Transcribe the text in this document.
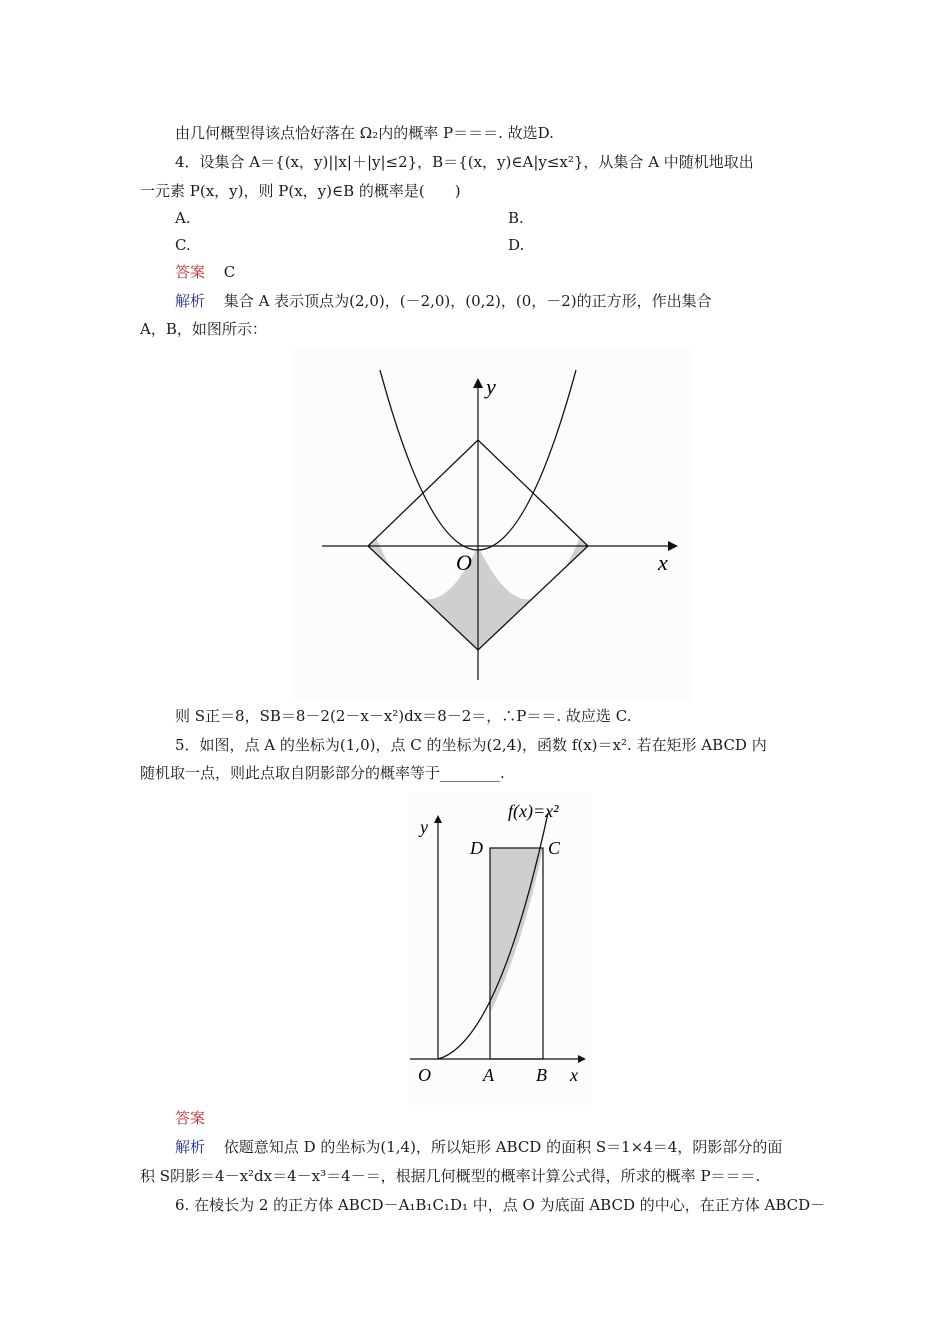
由几何概型得该点恰好落在 Ω₂内的概率 P＝＝＝. 故选D.
4．设集合 A＝{(x，y)||x|＋|y|≤2}，B＝{(x，y)∈A|y≤x²}，从集合 A 中随机地取出
一元素 P(x，y)，则 P(x，y)∈B 的概率是(　　)
A.	B.
C.	D.
答案 C
解析 集合 A 表示顶点为(2,0)，(－2,0)，(0,2)，(0，－2)的正方形，作出集合
A，B，如图所示：
y
x
O
则 S正＝8，SB＝8－2(2－x－x²)dx＝8－2＝，∴P＝＝. 故应选 C.
5．如图，点 A 的坐标为(1,0)，点 C 的坐标为(2,4)，函数 f(x)＝x². 若在矩形 ABCD 内
随机取一点，则此点取自阴影部分的概率等于________.
y
x
O	A B
D	C
f(x)=x²
答案
解析 依题意知点 D 的坐标为(1,4)，所以矩形 ABCD 的面积 S＝1×4＝4，阴影部分的面
积 S阴影＝4－x²dx＝4－x³＝4－＝，根据几何概型的概率计算公式得，所求的概率 P＝＝＝.
6. 在棱长为 2 的正方体 ABCD－A₁B₁C₁D₁ 中，点 O 为底面 ABCD 的中心，在正方体 ABCD－
